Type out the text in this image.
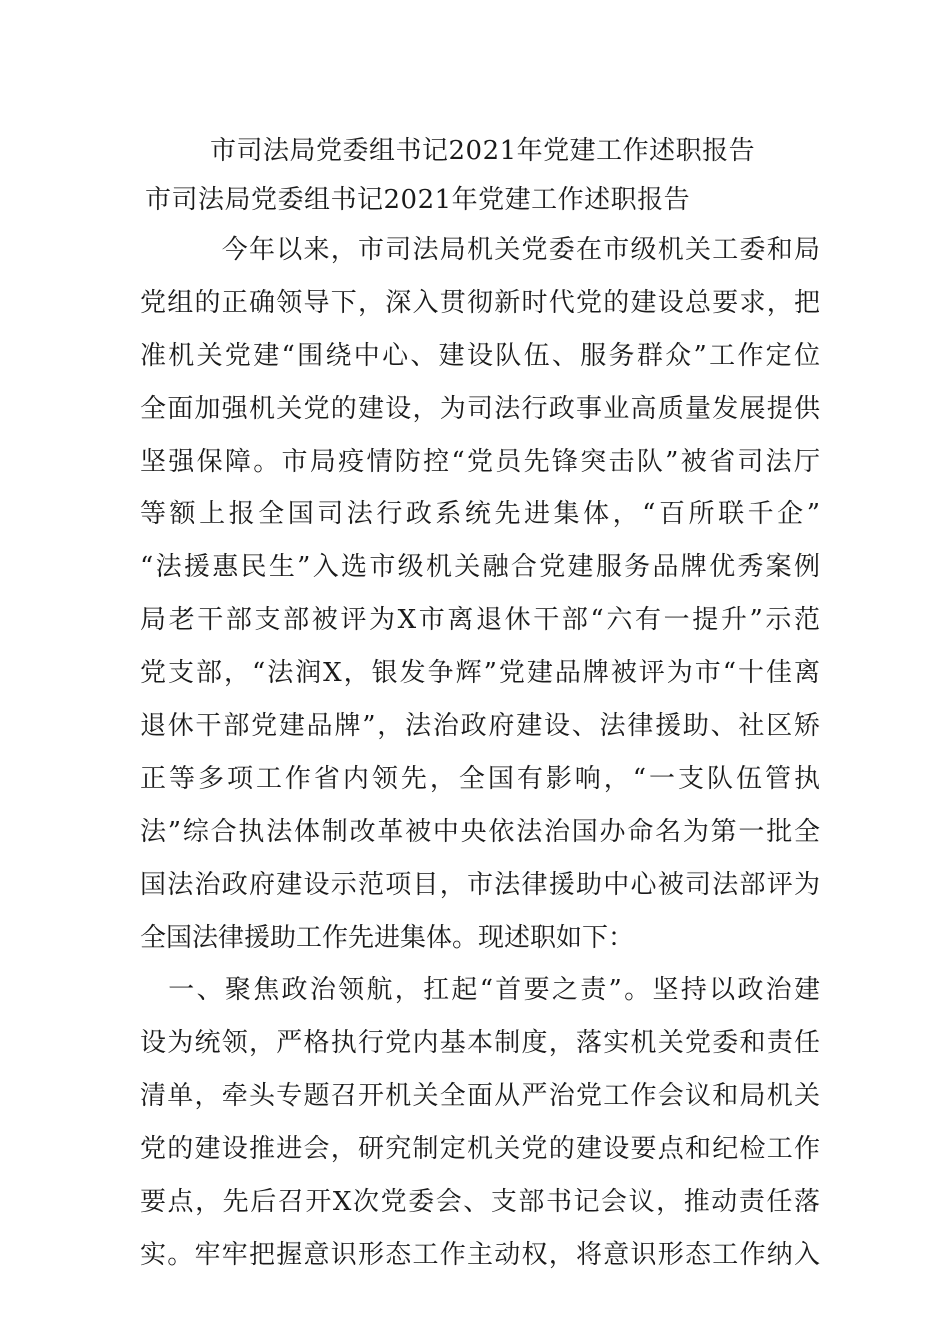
市司法局党委组书记2021年党建工作述职报告
市司法局党委组书记2021年党建工作述职报告
　　　今年以来，市司法局机关党委在市级机关工委和局
党组的正确领导下，深入贯彻新时代党的建设总要求，把
准机关党建“围绕中心、建设队伍、服务群众”工作定位
全面加强机关党的建设，为司法行政事业高质量发展提供
坚强保障。市局疫情防控“党员先锋突击队”被省司法厅
等额上报全国司法行政系统先进集体，“百所联千企”
“法援惠民生”入选市级机关融合党建服务品牌优秀案例
局老干部支部被评为X市离退休干部“六有一提升”示范
党支部，“法润X，银发争辉”党建品牌被评为市“十佳离
退休干部党建品牌”，法治政府建设、法律援助、社区矫
正等多项工作省内领先，全国有影响，“一支队伍管执
法”综合执法体制改革被中央依法治国办命名为第一批全
国法治政府建设示范项目，市法律援助中心被司法部评为
全国法律援助工作先进集体。现述职如下：
　一、聚焦政治领航，扛起“首要之责”。坚持以政治建
设为统领，严格执行党内基本制度，落实机关党委和责任
清单，牵头专题召开机关全面从严治党工作会议和局机关
党的建设推进会，研究制定机关党的建设要点和纪检工作
要点，先后召开X次党委会、支部书记会议，推动责任落
实。牢牢把握意识形态工作主动权，将意识形态工作纳入
